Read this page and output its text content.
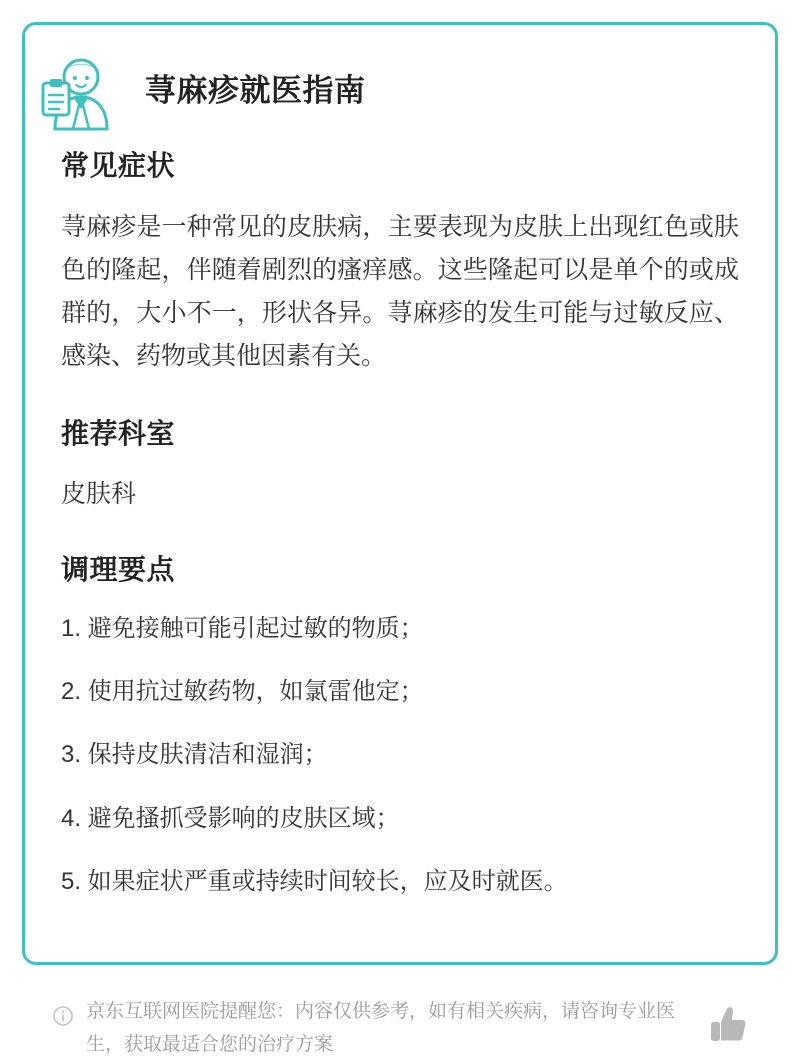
荨麻疹就医指南
常见症状

荨麻疹是一种常见的皮肤病，主要表现为皮肤上出现红色或肤色的隆起，伴随着剧烈的瘙痒感。这些隆起可以是单个的或成群的，大小不一，形状各异。荨麻疹的发生可能与过敏反应、感染、药物或其他因素有关。

推荐科室

皮肤科

调理要点
1. 避免接触可能引起过敏的物质；
2. 使用抗过敏药物，如氯雷他定；
3. 保持皮肤清洁和湿润；
4. 避免搔抓受影响的皮肤区域；
5. 如果症状严重或持续时间较长，应及时就医。
京东互联网医院提醒您：内容仅供参考，如有相关疾病，请咨询专业医生，获取最适合您的治疗方案
